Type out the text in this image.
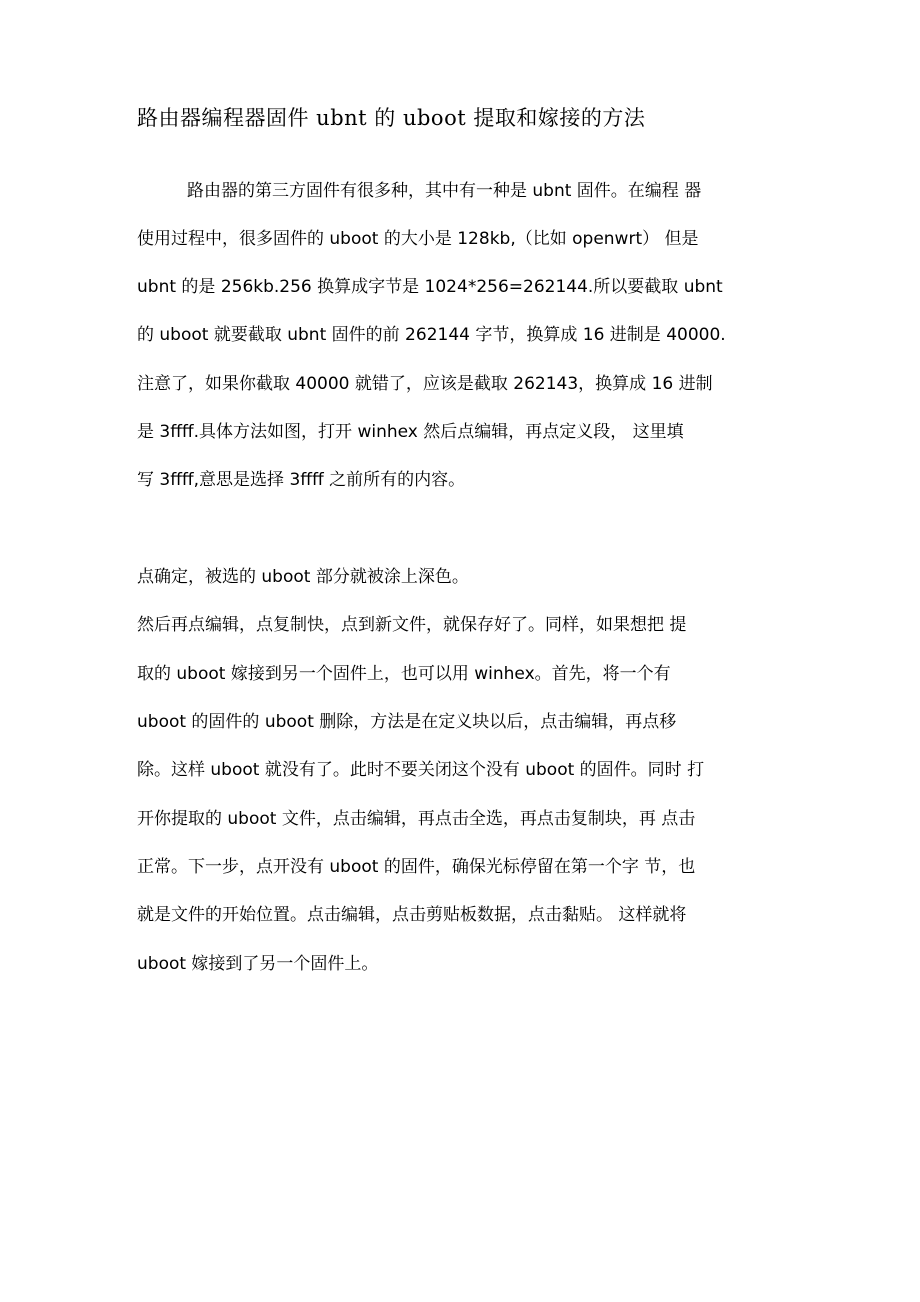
路由器编程器固件 ubnt 的 uboot 提取和嫁接的方法

路由器的第三方固件有很多种，其中有一种是 ubnt 固件。在编程 器

使用过程中，很多固件的 uboot 的大小是 128kb,（比如 openwrt） 但是

ubnt 的是 256kb.256 换算成字节是 1024*256=262144.所以要截取 ubnt

的 uboot 就要截取 ubnt 固件的前 262144 字节，换算成 16 进制是 40000.

注意了，如果你截取 40000 就错了，应该是截取 262143，换算成 16 进制

是 3ffff.具体方法如图，打开 winhex 然后点编辑，再点定义段， 这里填

写 3ffff,意思是选择 3ffff 之前所有的内容。

点确定，被选的 uboot 部分就被涂上深色。

然后再点编辑，点复制快，点到新文件，就保存好了。同样，如果想把 提

取的 uboot 嫁接到另一个固件上，也可以用 winhex。首先，将一个有

uboot 的固件的 uboot 删除，方法是在定义块以后，点击编辑，再点移

除。这样 uboot 就没有了。此时不要关闭这个没有 uboot 的固件。同时 打

开你提取的 uboot 文件，点击编辑，再点击全选，再点击复制块，再 点击

正常。下一步，点开没有 uboot 的固件，确保光标停留在第一个字 节，也

就是文件的开始位置。点击编辑，点击剪贴板数据，点击黏贴。 这样就将

uboot 嫁接到了另一个固件上。
